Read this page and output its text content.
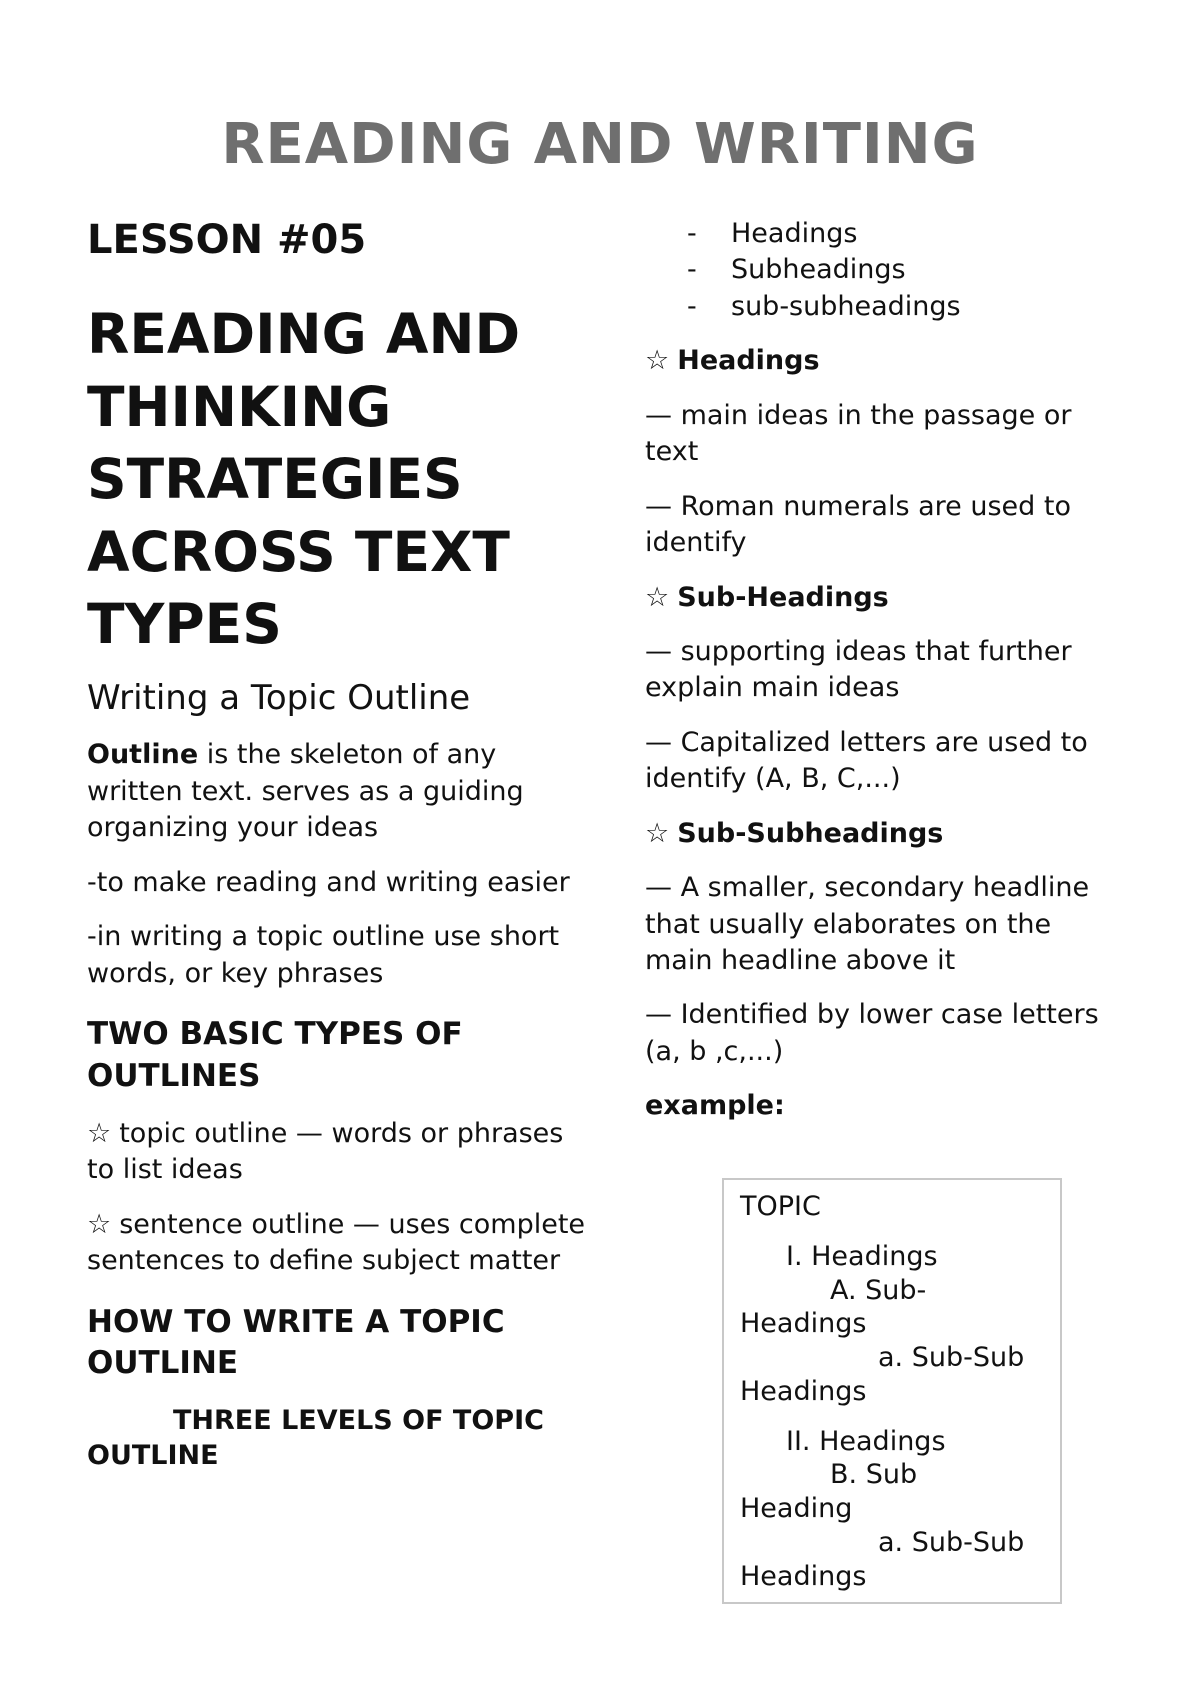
READING AND WRITING
LESSON #05
READING AND THINKING STRATEGIES ACROSS TEXT TYPES
Writing a Topic Outline
Outline is the skeleton of any written text. serves as a guiding organizing your ideas
-to make reading and writing easier
-in writing a topic outline use short words, or key phrases
TWO BASIC TYPES OF OUTLINES
☆ topic outline — words or phrases to list ideas
☆ sentence outline — uses complete sentences to define subject matter
HOW TO WRITE A TOPIC OUTLINE
THREE LEVELS OF TOPIC OUTLINE
- Headings
- Subheadings
- sub-subheadings
☆ Headings
— main ideas in the passage or text
— Roman numerals are used to identify
☆ Sub-Headings
— supporting ideas that further explain main ideas
— Capitalized letters are used to identify (A, B, C,...)
☆ Sub-Subheadings
— A smaller, secondary headline that usually elaborates on the main headline above it
— Identified by lower case letters (a, b ,c,...)
example:
TOPIC
I. Headings
A. Sub-
Headings
a. Sub-Sub
Headings
II. Headings
B. Sub
Heading
a. Sub-Sub
Headings
